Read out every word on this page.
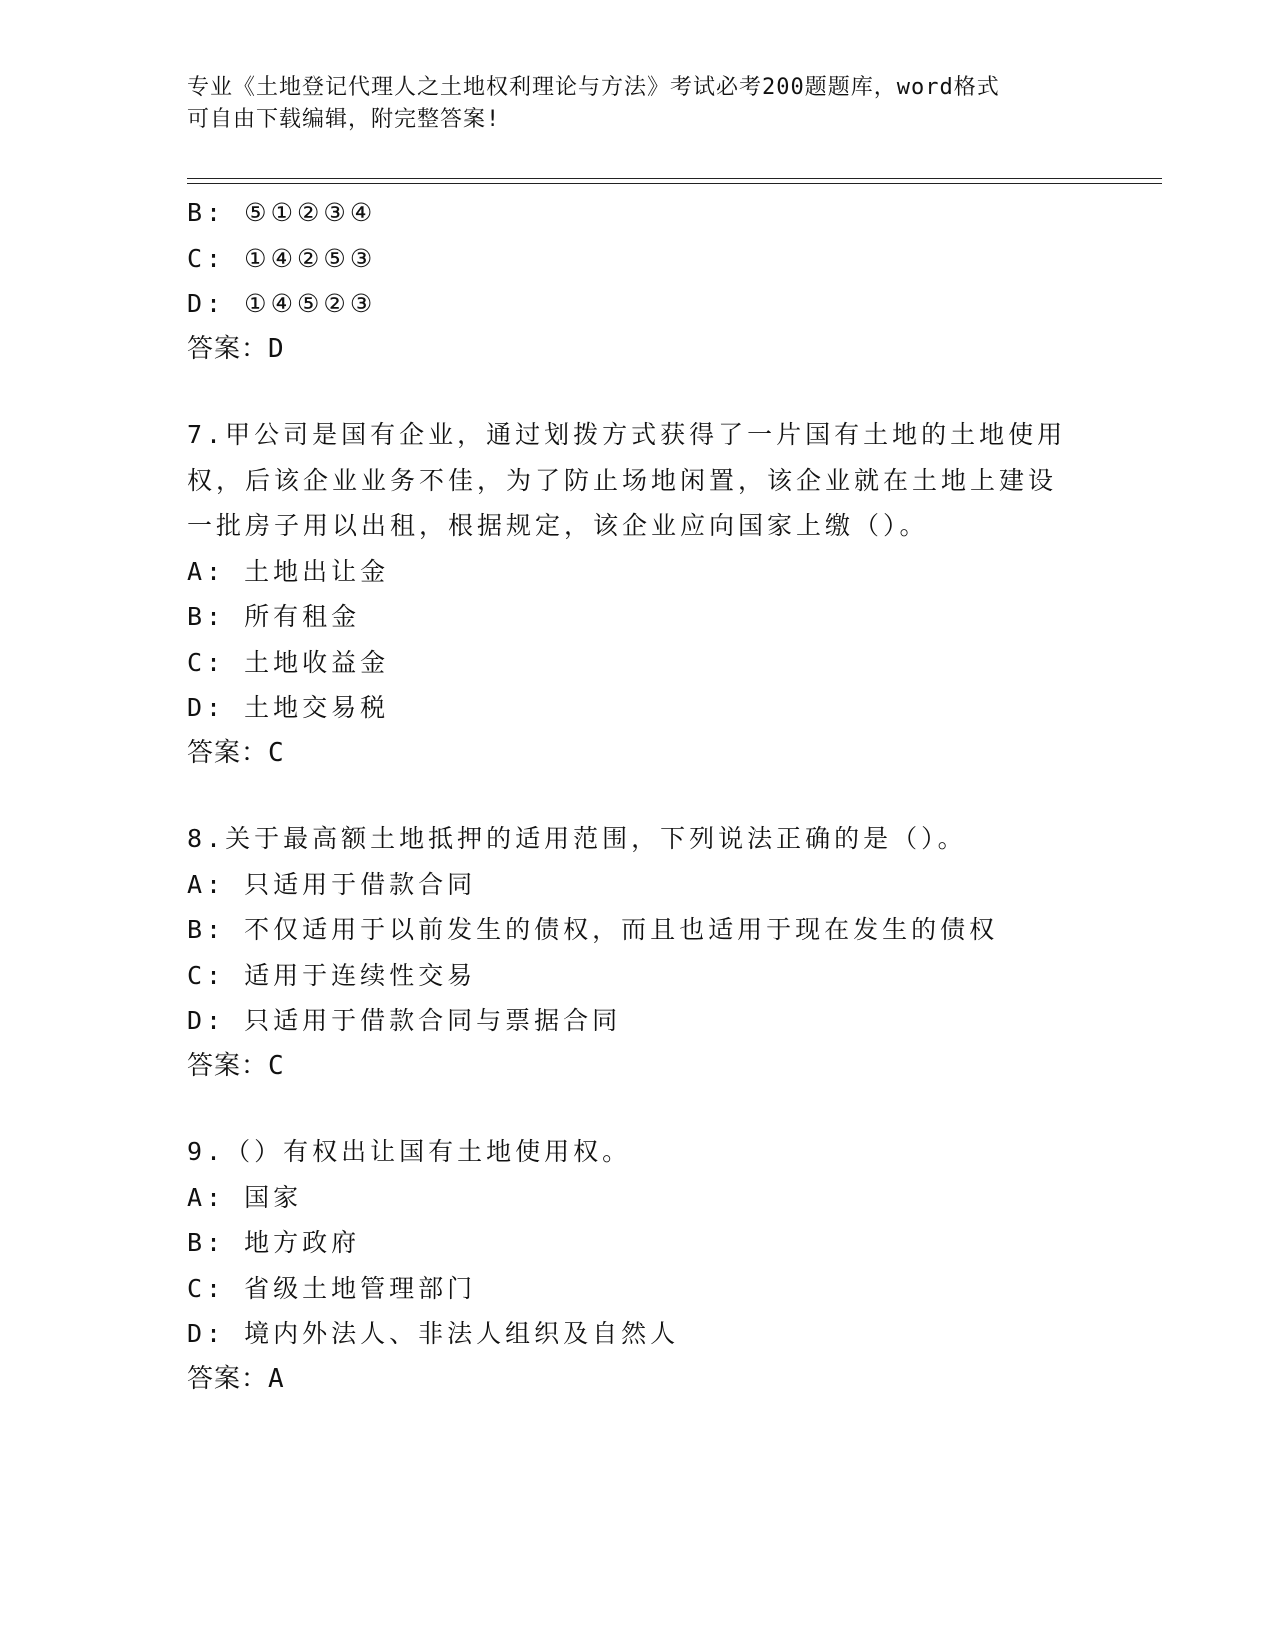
专业《土地登记代理人之土地权利理论与方法》考试必考200题题库，word格式
可自由下载编辑，附完整答案!
B: ⑤①②③④
C: ①④②⑤③
D: ①④⑤②③
答案：D
7.甲公司是国有企业，通过划拨方式获得了一片国有土地的土地使用
权，后该企业业务不佳，为了防止场地闲置，该企业就在土地上建设
一批房子用以出租，根据规定，该企业应向国家上缴（）。
A: 土地出让金
B: 所有租金
C: 土地收益金
D: 土地交易税
答案：C
8.关于最高额土地抵押的适用范围，下列说法正确的是（）。
A: 只适用于借款合同
B: 不仅适用于以前发生的债权，而且也适用于现在发生的债权
C: 适用于连续性交易
D: 只适用于借款合同与票据合同
答案：C
9.（）有权出让国有土地使用权。
A: 国家
B: 地方政府
C: 省级土地管理部门
D: 境内外法人、非法人组织及自然人
答案：A
